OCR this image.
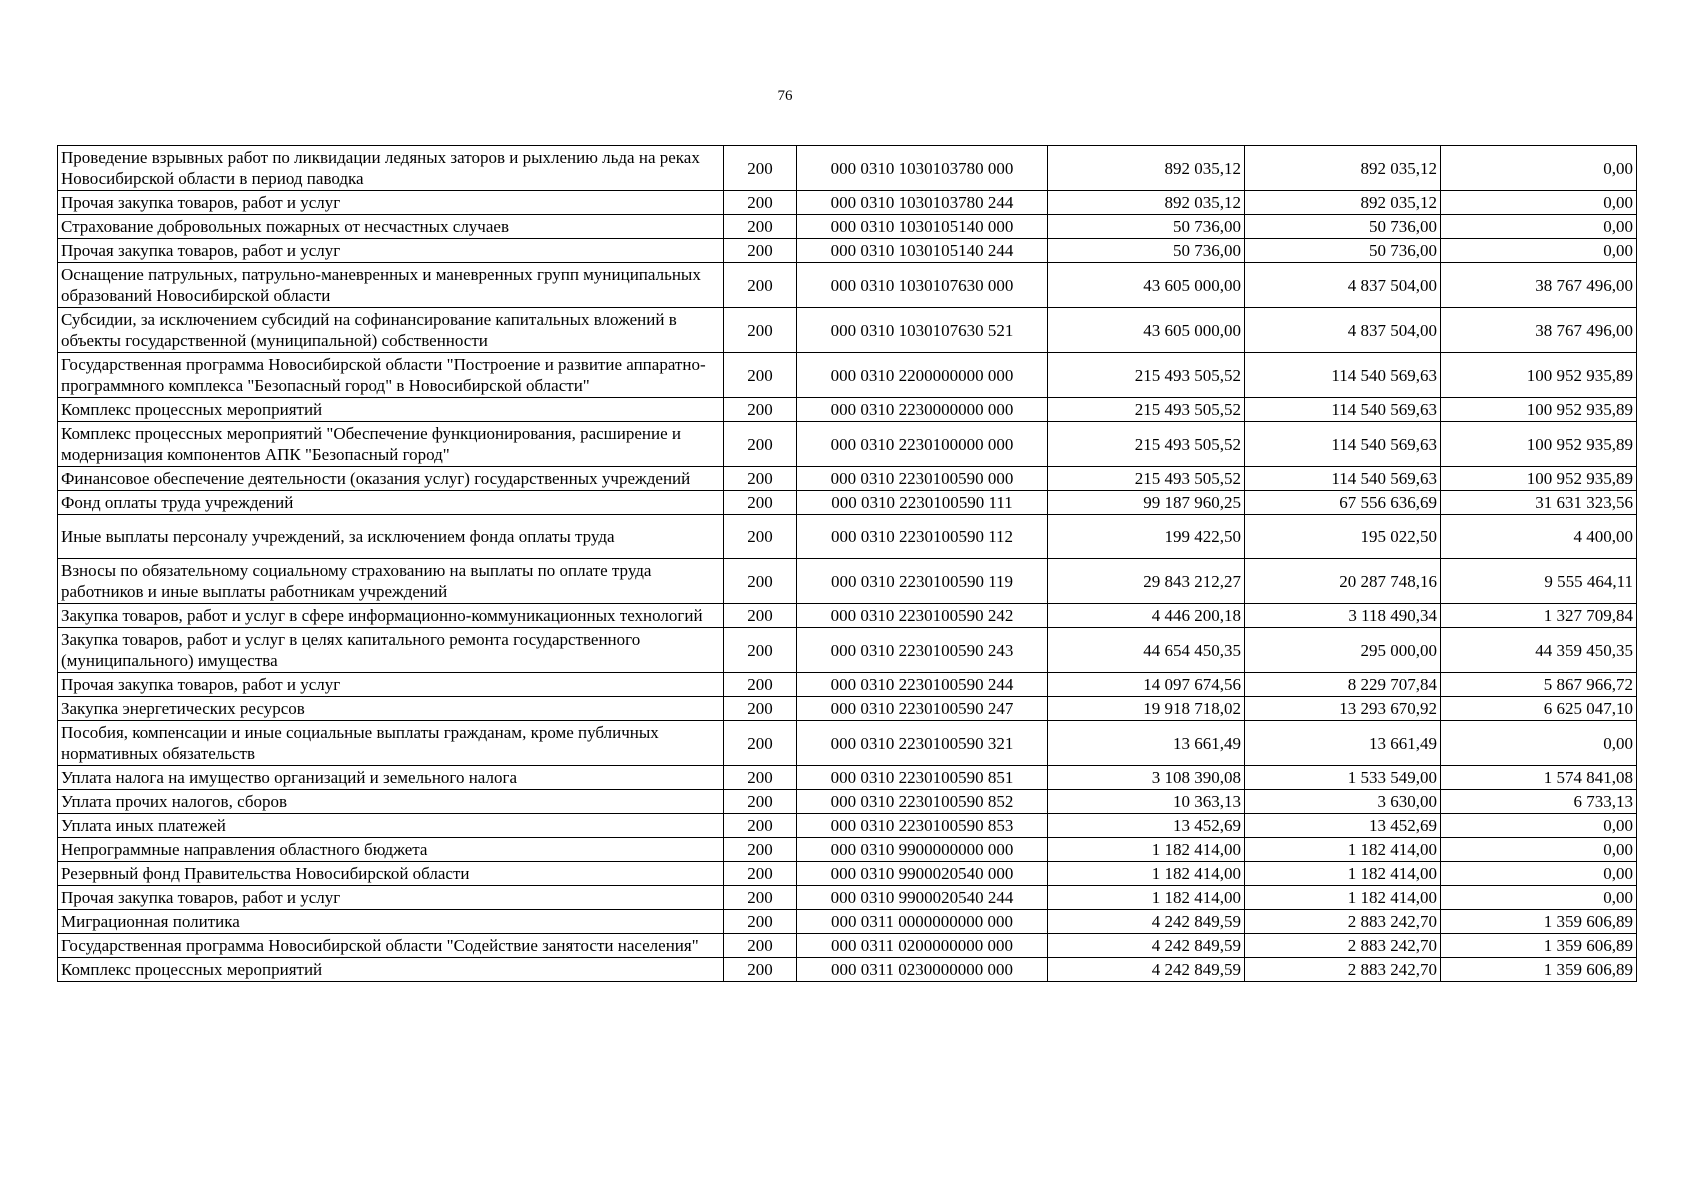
76
Проведение взрывных работ по ликвидации ледяных заторов и рыхлению льда на реках Новосибирской области в период паводка	200	000 0310 1030103780 000	892 035,12	892 035,12	0,00
Прочая закупка товаров, работ и услуг	200	000 0310 1030103780 244	892 035,12	892 035,12	0,00
Страхование добровольных пожарных от несчастных случаев	200	000 0310 1030105140 000	50 736,00	50 736,00	0,00
Прочая закупка товаров, работ и услуг	200	000 0310 1030105140 244	50 736,00	50 736,00	0,00
Оснащение патрульных, патрульно-маневренных и маневренных групп муниципальных образований Новосибирской области	200	000 0310 1030107630 000	43 605 000,00	4 837 504,00	38 767 496,00
Субсидии, за исключением субсидий на софинансирование капитальных вложений в объекты государственной (муниципальной) собственности	200	000 0310 1030107630 521	43 605 000,00	4 837 504,00	38 767 496,00
Государственная программа Новосибирской области "Построение и развитие аппаратно-программного комплекса "Безопасный город" в Новосибирской области"	200	000 0310 2200000000 000	215 493 505,52	114 540 569,63	100 952 935,89
Комплекс процессных мероприятий	200	000 0310 2230000000 000	215 493 505,52	114 540 569,63	100 952 935,89
Комплекс процессных мероприятий "Обеспечение функционирования, расширение и модернизация компонентов АПК "Безопасный город"	200	000 0310 2230100000 000	215 493 505,52	114 540 569,63	100 952 935,89
Финансовое обеспечение деятельности (оказания услуг) государственных учреждений	200	000 0310 2230100590 000	215 493 505,52	114 540 569,63	100 952 935,89
Фонд оплаты труда учреждений	200	000 0310 2230100590 111	99 187 960,25	67 556 636,69	31 631 323,56
Иные выплаты персоналу учреждений, за исключением фонда оплаты труда	200	000 0310 2230100590 112	199 422,50	195 022,50	4 400,00
Взносы по обязательному социальному страхованию на выплаты по оплате труда работников и иные выплаты работникам учреждений	200	000 0310 2230100590 119	29 843 212,27	20 287 748,16	9 555 464,11
Закупка товаров, работ и услуг в сфере информационно-коммуникационных технологий	200	000 0310 2230100590 242	4 446 200,18	3 118 490,34	1 327 709,84
Закупка товаров, работ и услуг в целях капитального ремонта государственного (муниципального) имущества	200	000 0310 2230100590 243	44 654 450,35	295 000,00	44 359 450,35
Прочая закупка товаров, работ и услуг	200	000 0310 2230100590 244	14 097 674,56	8 229 707,84	5 867 966,72
Закупка энергетических ресурсов	200	000 0310 2230100590 247	19 918 718,02	13 293 670,92	6 625 047,10
Пособия, компенсации и иные социальные выплаты гражданам, кроме публичных нормативных обязательств	200	000 0310 2230100590 321	13 661,49	13 661,49	0,00
Уплата налога на имущество организаций и земельного налога	200	000 0310 2230100590 851	3 108 390,08	1 533 549,00	1 574 841,08
Уплата прочих налогов, сборов	200	000 0310 2230100590 852	10 363,13	3 630,00	6 733,13
Уплата иных платежей	200	000 0310 2230100590 853	13 452,69	13 452,69	0,00
Непрограммные направления областного бюджета	200	000 0310 9900000000 000	1 182 414,00	1 182 414,00	0,00
Резервный фонд Правительства Новосибирской области	200	000 0310 9900020540 000	1 182 414,00	1 182 414,00	0,00
Прочая закупка товаров, работ и услуг	200	000 0310 9900020540 244	1 182 414,00	1 182 414,00	0,00
Миграционная политика	200	000 0311 0000000000 000	4 242 849,59	2 883 242,70	1 359 606,89
Государственная программа Новосибирской области "Содействие занятости населения"	200	000 0311 0200000000 000	4 242 849,59	2 883 242,70	1 359 606,89
Комплекс процессных мероприятий	200	000 0311 0230000000 000	4 242 849,59	2 883 242,70	1 359 606,89
